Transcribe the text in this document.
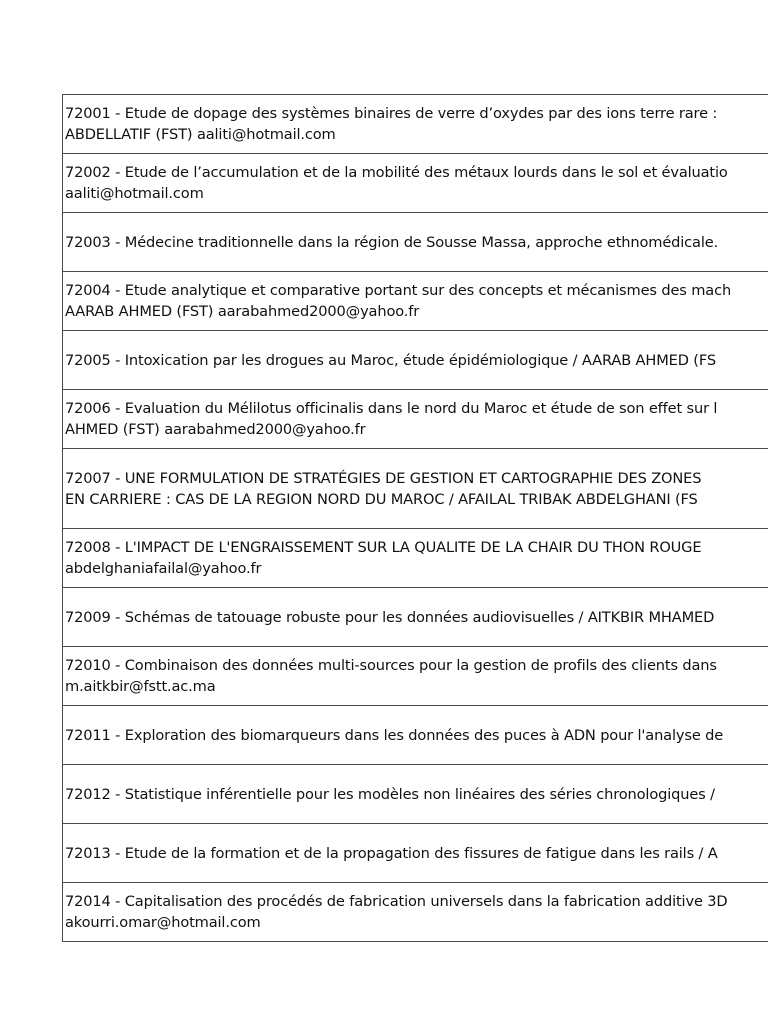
72001 - Etude de dopage des systèmes binaires de verre d’oxydes par des ions terre rare :
ABDELLATIF (FST) aaliti@hotmail.com
72002 - Etude de l’accumulation et de la mobilité des métaux lourds dans le sol et évaluatio
aaliti@hotmail.com
72003 - Médecine traditionnelle dans la région de Sousse Massa, approche ethnomédicale.
72004 - Etude analytique et comparative portant sur des concepts et mécanismes des mach
AARAB AHMED (FST) aarabahmed2000@yahoo.fr
72005 - Intoxication par les drogues au Maroc, étude épidémiologique / AARAB AHMED (FS
72006 - Evaluation du Mélilotus officinalis dans le nord du Maroc et étude de son effet sur l
AHMED (FST) aarabahmed2000@yahoo.fr
72007 - UNE FORMULATION DE STRATÉGIES DE GESTION ET CARTOGRAPHIE DES ZONES
EN CARRIERE : CAS DE LA REGION NORD DU MAROC / AFAILAL TRIBAK ABDELGHANI (FS
72008 - L'IMPACT DE L'ENGRAISSEMENT SUR LA QUALITE DE LA CHAIR DU THON ROUGE
abdelghaniafailal@yahoo.fr
72009 - Schémas de tatouage robuste pour les données audiovisuelles / AITKBIR MHAMED
72010 - Combinaison des données multi-sources pour la gestion de profils des clients dans
m.aitkbir@fstt.ac.ma
72011 - Exploration des biomarqueurs dans les données des puces à ADN pour l'analyse de
72012 - Statistique inférentielle pour les modèles non linéaires des séries chronologiques /
72013 - Etude de la formation et de la propagation des fissures de fatigue dans les rails / A
72014 - Capitalisation des procédés de fabrication universels dans la fabrication additive 3D
akourri.omar@hotmail.com
